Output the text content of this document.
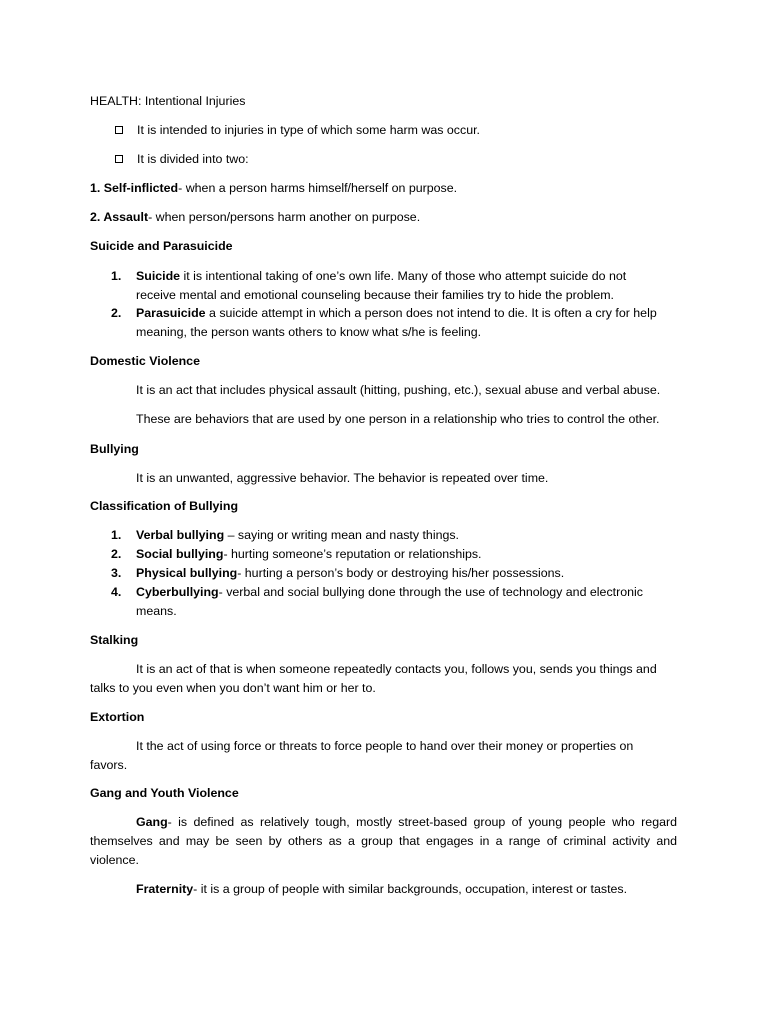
HEALTH: Intentional Injuries

It is intended to injuries in type of which some harm was occur.

It is divided into two:

1. Self-inflicted- when a person harms himself/herself on purpose.

2. Assault- when person/persons harm another on purpose.

Suicide and Parasuicide

1. Suicide it is intentional taking of one’s own life. Many of those who attempt suicide do not

receive mental and emotional counseling because their families try to hide the problem.

2. Parasuicide a suicide attempt in which a person does not intend to die. It is often a cry for help

meaning, the person wants others to know what s/he is feeling.

Domestic Violence

It is an act that includes physical assault (hitting, pushing, etc.), sexual abuse and verbal abuse.

These are behaviors that are used by one person in a relationship who tries to control the other.

Bullying

It is an unwanted, aggressive behavior. The behavior is repeated over time.

Classification of Bullying

1. Verbal bullying – saying or writing mean and nasty things.

2. Social bullying- hurting someone’s reputation or relationships.

3. Physical bullying- hurting a person’s body or destroying his/her possessions.

4. Cyberbullying- verbal and social bullying done through the use of technology and electronic

means.

Stalking

It is an act of that is when someone repeatedly contacts you, follows you, sends you things and

talks to you even when you don’t want him or her to.

Extortion

It the act of using force or threats to force people to hand over their money or properties on

favors.

Gang and Youth Violence

Gang- is defined as relatively tough, mostly street-based group of young people who regard

themselves and may be seen by others as a group that engages in a range of criminal activity and

violence.

Fraternity- it is a group of people with similar backgrounds, occupation, interest or tastes.
